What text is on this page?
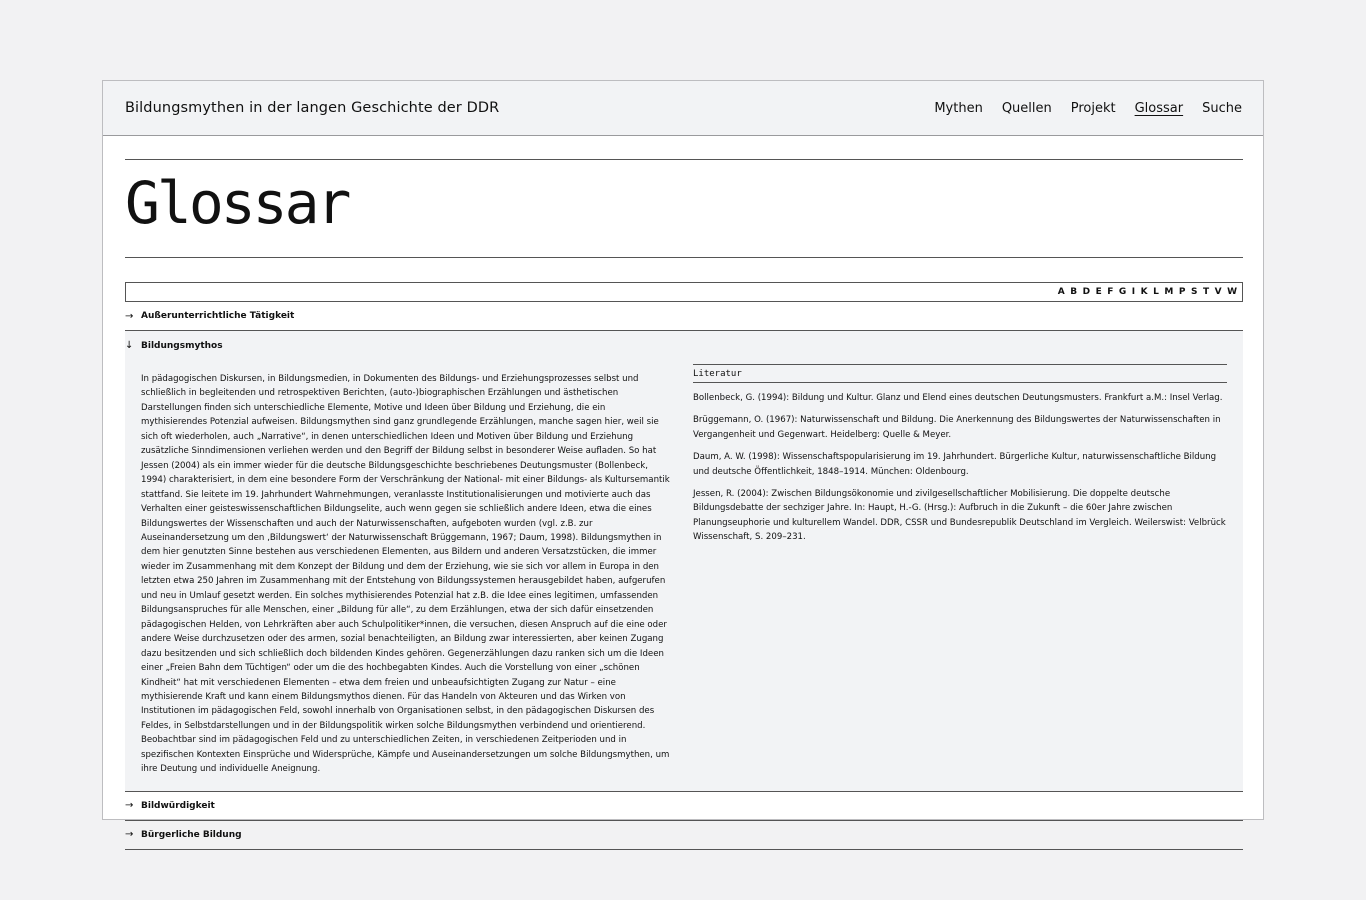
Bildungsmythen in der langen Geschichte der DDR	Mythen Quellen Projekt Glossar Suche
Glossar
A B D E F G I K L M P S T V W
→ Außerunterrichtliche Tätigkeit
↓ Bildungsmythos
In pädagogischen Diskursen, in Bildungsmedien, in Dokumenten des Bildungs- und Erziehungsprozesses selbst und schließlich in begleitenden und retrospektiven Berichten, (auto-)biographischen Erzählungen und ästhetischen Darstellungen finden sich unterschiedliche Elemente, Motive und Ideen über Bildung und Erziehung, die ein mythisierendes Potenzial aufweisen. Bildungsmythen sind ganz grundlegende Erzählungen, manche sagen hier, weil sie sich oft wiederholen, auch „Narrative“, in denen unterschiedlichen Ideen und Motiven über Bildung und Erziehung zusätzliche Sinndimensionen verliehen werden und den Begriff der Bildung selbst in besonderer Weise aufladen. So hat Jessen (2004) als ein immer wieder für die deutsche Bildungsgeschichte beschriebenes Deutungsmuster (Bollenbeck, 1994) charakterisiert, in dem eine besondere Form der Verschränkung der National- mit einer Bildungs- als Kultursemantik stattfand. Sie leitete im 19. Jahrhundert Wahrnehmungen, veranlasste Institutionalisierungen und motivierte auch das Verhalten einer geisteswissenschaftlichen Bildungselite, auch wenn gegen sie schließlich andere Ideen, etwa die eines Bildungswertes der Wissenschaften und auch der Naturwissenschaften, aufgeboten wurden (vgl. z.B. zur Auseinandersetzung um den ‚Bildungswert‘ der Naturwissenschaft Brüggemann, 1967; Daum, 1998). Bildungsmythen in dem hier genutzten Sinne bestehen aus verschiedenen Elementen, aus Bildern und anderen Versatzstücken, die immer wieder im Zusammenhang mit dem Konzept der Bildung und dem der Erziehung, wie sie sich vor allem in Europa in den letzten etwa 250 Jahren im Zusammenhang mit der Entstehung von Bildungssystemen herausgebildet haben, aufgerufen und neu in Umlauf gesetzt werden. Ein solches mythisierendes Potenzial hat z.B. die Idee eines legitimen, umfassenden Bildungsanspruches für alle Menschen, einer „Bildung für alle“, zu dem Erzählungen, etwa der sich dafür einsetzenden pädagogischen Helden, von Lehrkräften aber auch Schulpolitiker*innen, die versuchen, diesen Anspruch auf die eine oder andere Weise durchzusetzen oder des armen, sozial benachteiligten, an Bildung zwar interessierten, aber keinen Zugang dazu besitzenden und sich schließlich doch bildenden Kindes gehören. Gegenerzählungen dazu ranken sich um die Ideen einer „Freien Bahn dem Tüchtigen“ oder um die des hochbegabten Kindes. Auch die Vorstellung von einer „schönen Kindheit“ hat mit verschiedenen Elementen – etwa dem freien und unbeaufsichtigten Zugang zur Natur – eine mythisierende Kraft und kann einem Bildungsmythos dienen. Für das Handeln von Akteuren und das Wirken von Institutionen im pädagogischen Feld, sowohl innerhalb von Organisationen selbst, in den pädagogischen Diskursen des Feldes, in Selbstdarstellungen und in der Bildungspolitik wirken solche Bildungsmythen verbindend und orientierend. Beobachtbar sind im pädagogischen Feld und zu unterschiedlichen Zeiten, in verschiedenen Zeitperioden und in spezifischen Kontexten Einsprüche und Widersprüche, Kämpfe und Auseinandersetzungen um solche Bildungsmythen, um ihre Deutung und individuelle Aneignung.
Literatur
Bollenbeck, G. (1994): Bildung und Kultur. Glanz und Elend eines deutschen Deutungsmusters. Frankfurt a.M.: Insel Verlag.
Brüggemann, O. (1967): Naturwissenschaft und Bildung. Die Anerkennung des Bildungswertes der Naturwissenschaften in Vergangenheit und Gegenwart. Heidelberg: Quelle & Meyer.
Daum, A. W. (1998): Wissenschaftspopularisierung im 19. Jahrhundert. Bürgerliche Kultur, naturwissenschaftliche Bildung und deutsche Öffentlichkeit, 1848–1914. München: Oldenbourg.
Jessen, R. (2004): Zwischen Bildungsökonomie und zivilgesellschaftlicher Mobilisierung. Die doppelte deutsche Bildungsdebatte der sechziger Jahre. In: Haupt, H.-G. (Hrsg.): Aufbruch in die Zukunft – die 60er Jahre zwischen Planungseuphorie und kulturellem Wandel. DDR, CSSR und Bundesrepublik Deutschland im Vergleich. Weilerswist: Velbrück Wissenschaft, S. 209–231.
→ Bildwürdigkeit
→ Bürgerliche Bildung
